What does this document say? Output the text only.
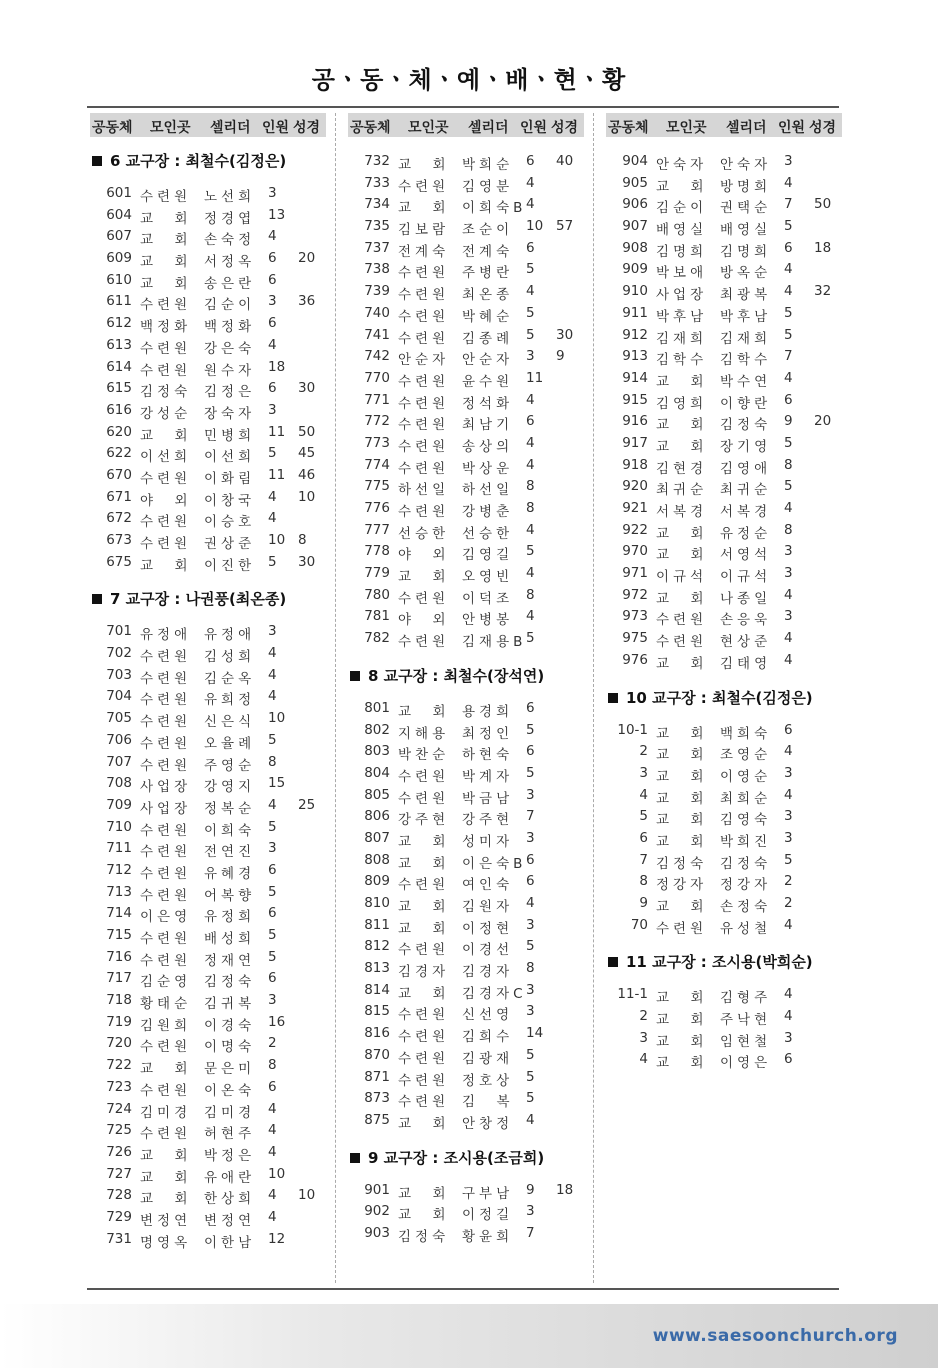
공ㆍ동ㆍ체ㆍ예ㆍ배ㆍ현ㆍ황
공동체 모인곳 셀리더 인원 성경
6 교구장 : 최철수(김정은)
601 수련원 노선희 3
604 교　회 정경엽 13
607 교　회 손숙정 4
609 교　회 서정옥 6 20
610 교　회 송은란 6
611 수련원 김순이 3 36
612 백정화 백정화 6
613 수련원 강은숙 4
614 수련원 원수자 18
615 김정숙 김정은 6 30
616 강성순 장숙자 3
620 교　회 민병희 11 50
622 이선희 이선희 5 45
670 수련원 이화림 11 46
671 야　외 이창국 4 10
672 수련원 이승호 4
673 수련원 권상준 10 8
675 교　회 이진한 5 30
7 교구장 : 나권풍(최온종)
701 유정애 유정애 3
702 수련원 김성희 4
703 수련원 김순옥 4
704 수련원 유희정 4
705 수련원 신은식 10
706 수련원 오율례 5
707 수련원 주영순 8
708 사업장 강영지 15
709 사업장 정복순 4 25
710 수련원 이희숙 5
711 수련원 전연진 3
712 수련원 유혜경 6
713 수련원 어복향 5
714 이은영 유정희 6
715 수련원 배성희 5
716 수련원 정재연 5
717 김순영 김정숙 6
718 황태순 김귀복 3
719 김원희 이경숙 16
720 수련원 이명숙 2
722 교　회 문은미 8
723 수련원 이온숙 6
724 김미경 김미경 4
725 수련원 허현주 4
726 교　회 박정은 4
727 교　회 유애란 10
728 교　회 한상희 4 10
729 변정연 변정연 4
731 명영옥 이한남 12
공동체 모인곳 셀리더 인원 성경
732 교　회 박희순 6 40
733 수련원 김영분 4
734 교　회 이희숙B 4
735 김보람 조순이 10 57
737 전계숙 전계숙 6
738 수련원 주병란 5
739 수련원 최온종 4
740 수련원 박혜순 5
741 수련원 김종례 5 30
742 안순자 안순자 3 9
770 수련원 윤수원 11
771 수련원 정석화 4
772 수련원 최남기 6
773 수련원 송상의 4
774 수련원 박상운 4
775 하선일 하선일 8
776 수련원 강병춘 8
777 선승한 선승한 4
778 야　외 김영길 5
779 교　회 오영빈 4
780 수련원 이덕조 8
781 야　외 안병봉 4
782 수련원 김재용B 5
8 교구장 : 최철수(장석연)
801 교　회 용경희 6
802 지해용 최정인 5
803 박찬순 하현숙 6
804 수련원 박계자 5
805 수련원 박금남 3
806 강주현 강주현 7
807 교　회 성미자 3
808 교　회 이은숙B 6
809 수련원 여인숙 6
810 교　회 김원자 4
811 교　회 이정현 3
812 수련원 이경선 5
813 김경자 김경자 8
814 교　회 김경자C 3
815 수련원 신선영 3
816 수련원 김희수 14
870 수련원 김광재 5
871 수련원 정호상 5
873 수련원 김　복 5
875 교　회 안창정 4
9 교구장 : 조시용(조금희)
901 교　회 구부남 9 18
902 교　회 이정길 3
903 김정숙 황윤희 7
공동체 모인곳 셀리더 인원 성경
904 안숙자 안숙자 3
905 교　회 방명희 4
906 김순이 권택순 7 50
907 배영실 배영실 5
908 김명희 김명희 6 18
909 박보애 방옥순 4
910 사업장 최광복 4 32
911 박후남 박후남 5
912 김재희 김재희 5
913 김학수 김학수 7
914 교　회 박수연 4
915 김영희 이향란 6
916 교　회 김정숙 9 20
917 교　회 장기영 5
918 김현경 김영애 8
920 최귀순 최귀순 5
921 서복경 서복경 4
922 교　회 유정순 8
970 교　회 서영석 3
971 이규석 이규석 3
972 교　회 나종일 4
973 수련원 손응욱 3
975 수련원 현상준 4
976 교　회 김태영 4
10 교구장 : 최철수(김정은)
10-1 교　회 백희숙 6
2 교　회 조영순 4
3 교　회 이영순 3
4 교　회 최희순 4
5 교　회 김영숙 3
6 교　회 박희진 3
7 김정숙 김정숙 5
8 정강자 정강자 2
9 교　회 손정숙 2
70 수련원 유성철 4
11 교구장 : 조시용(박희순)
11-1 교　회 김형주 4
2 교　회 주낙현 4
3 교　회 임현철 3
4 교　회 이영은 6
www.saesoonchurch.org
